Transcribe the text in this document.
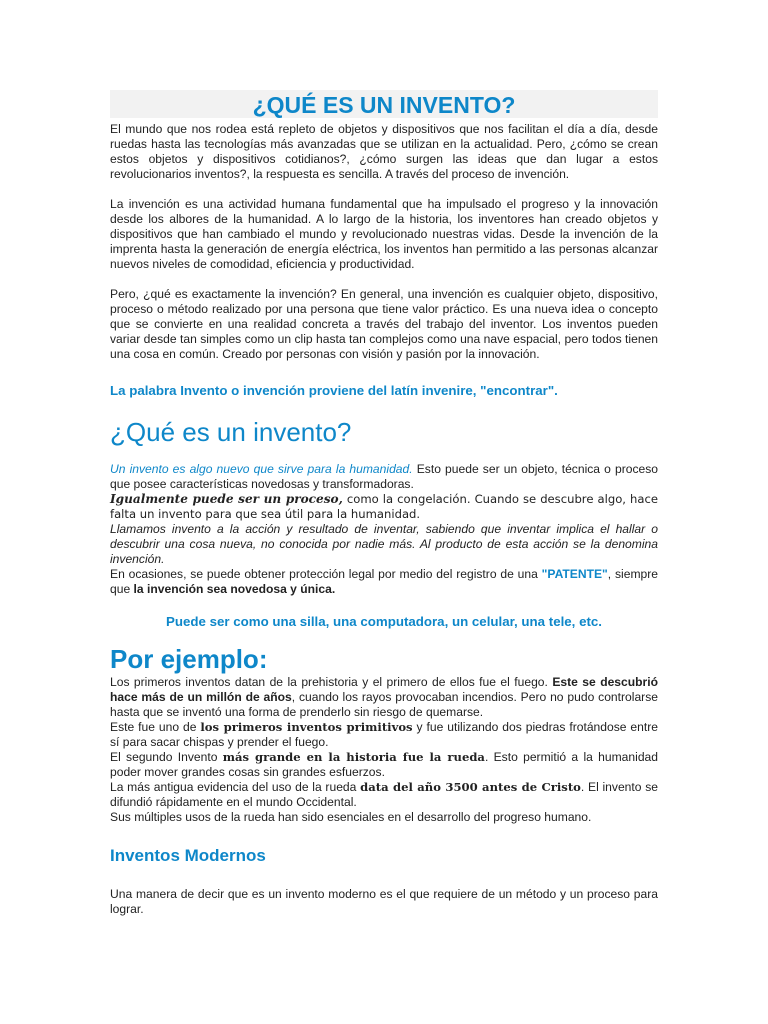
¿QUÉ ES UN INVENTO?

El mundo que nos rodea está repleto de objetos y dispositivos que nos facilitan el día a día, desde ruedas hasta las tecnologías más avanzadas que se utilizan en la actualidad. Pero, ¿cómo se crean estos objetos y dispositivos cotidianos?, ¿cómo surgen las ideas que dan lugar a estos revolucionarios inventos?, la respuesta es sencilla. A través del proceso de invención.

La invención es una actividad humana fundamental que ha impulsado el progreso y la innovación desde los albores de la humanidad. A lo largo de la historia, los inventores han creado objetos y dispositivos que han cambiado el mundo y revolucionado nuestras vidas. Desde la invención de la imprenta hasta la generación de energía eléctrica, los inventos han permitido a las personas alcanzar nuevos niveles de comodidad, eficiencia y productividad.

Pero, ¿qué es exactamente la invención? En general, una invención es cualquier objeto, dispositivo, proceso o método realizado por una persona que tiene valor práctico. Es una nueva idea o concepto que se convierte en una realidad concreta a través del trabajo del inventor. Los inventos pueden variar desde tan simples como un clip hasta tan complejos como una nave espacial, pero todos tienen una cosa en común. Creado por personas con visión y pasión por la innovación.

La palabra Invento o invención proviene del latín invenire, "encontrar".

¿Qué es un invento?

Un invento es algo nuevo que sirve para la humanidad. Esto puede ser un objeto, técnica o proceso que posee características novedosas y transformadoras.

Igualmente puede ser un proceso, como la congelación. Cuando se descubre algo, hace falta un invento para que sea útil para la humanidad.

Llamamos invento a la acción y resultado de inventar, sabiendo que inventar implica el hallar o descubrir una cosa nueva, no conocida por nadie más. Al producto de esta acción se la denomina invención.

En ocasiones, se puede obtener protección legal por medio del registro de una "PATENTE", siempre que la invención sea novedosa y única.

Puede ser como una silla, una computadora, un celular, una tele, etc.

Por ejemplo:

Los primeros inventos datan de la prehistoria y el primero de ellos fue el fuego. Este se descubrió hace más de un millón de años, cuando los rayos provocaban incendios. Pero no pudo controlarse hasta que se inventó una forma de prenderlo sin riesgo de quemarse.

Este fue uno de los primeros inventos primitivos y fue utilizando dos piedras frotándose entre sí para sacar chispas y prender el fuego.

El segundo Invento más grande en la historia fue la rueda. Esto permitió a la humanidad poder mover grandes cosas sin grandes esfuerzos.

La más antigua evidencia del uso de la rueda data del año 3500 antes de Cristo. El invento se difundió rápidamente en el mundo Occidental.

Sus múltiples usos de la rueda han sido esenciales en el desarrollo del progreso humano.

Inventos Modernos

Una manera de decir que es un invento moderno es el que requiere de un método y un proceso para lograr.
